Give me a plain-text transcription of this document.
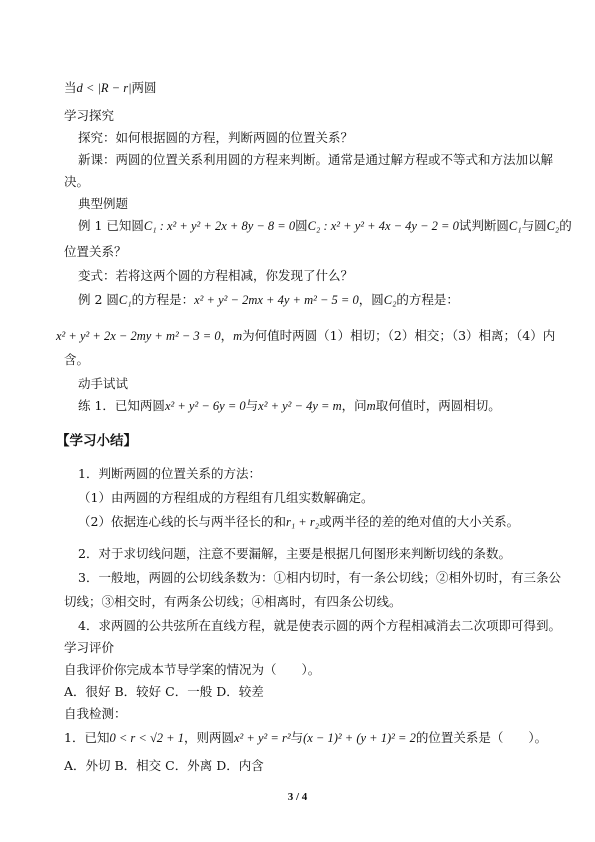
当d < |R − r|两圆
学习探究
探究：如何根据圆的方程，判断两圆的位置关系？
新课：两圆的位置关系利用圆的方程来判断。通常是通过解方程或不等式和方法加以解
决。
典型例题
例 1 已知圆C₁ : x² + y² + 2x + 8y − 8 = 0圆C₂ : x² + y² + 4x − 4y − 2 = 0试判断圆C₁与圆C₂的
位置关系？
变式：若将这两个圆的方程相减，你发现了什么？
例 2 圆C₁的方程是：x² + y² − 2mx + 4y + m² − 5 = 0，圆C₂的方程是：
x² + y² + 2x − 2my + m² − 3 = 0，m为何值时两圆（1）相切；（2）相交；（3）相离；（4）内
含。
动手试试
练 1．已知两圆x² + y² − 6y = 0与x² + y² − 4y = m，问m取何值时，两圆相切。
【学习小结】
1．判断两圆的位置关系的方法：
（1）由两圆的方程组成的方程组有几组实数解确定。
（2）依据连心线的长与两半径长的和r₁ + r₂或两半径的差的绝对值的大小关系。
2．对于求切线问题，注意不要漏解，主要是根据几何图形来判断切线的条数。
3．一般地，两圆的公切线条数为：①相内切时，有一条公切线；②相外切时，有三条公
切线；③相交时，有两条公切线；④相离时，有四条公切线。
4．求两圆的公共弦所在直线方程，就是使表示圆的两个方程相减消去二次项即可得到。
学习评价
自我评价你完成本节导学案的情况为（　　）。
A．很好 B．较好 C．一般 D．较差
自我检测：
1．已知0 < r < √2 + 1，则两圆x² + y² = r²与(x − 1)² + (y + 1)² = 2的位置关系是（　　）。
A．外切 B．相交 C．外离 D．内含
3 / 4
